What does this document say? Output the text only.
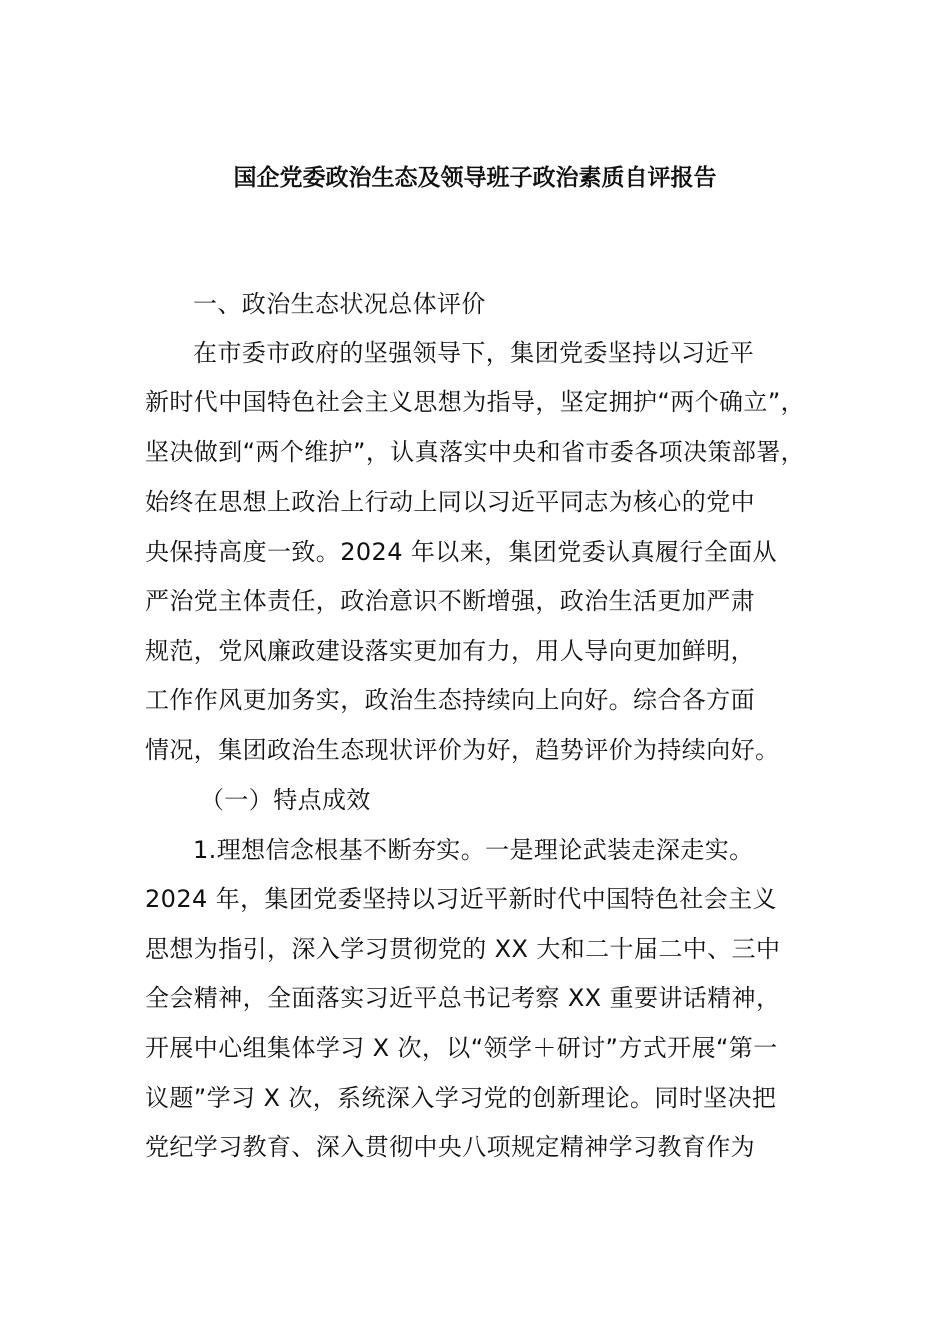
国企党委政治生态及领导班子政治素质自评报告
一、政治生态状况总体评价
在市委市政府的坚强领导下，集团党委坚持以习近平
新时代中国特色社会主义思想为指导，坚定拥护“两个确立”，
坚决做到“两个维护”，认真落实中央和省市委各项决策部署，
始终在思想上政治上行动上同以习近平同志为核心的党中
央保持高度一致。2024 年以来，集团党委认真履行全面从
严治党主体责任，政治意识不断增强，政治生活更加严肃
规范，党风廉政建设落实更加有力，用人导向更加鲜明，
工作作风更加务实，政治生态持续向上向好。综合各方面
情况，集团政治生态现状评价为好，趋势评价为持续向好。
（一）特点成效
1.理想信念根基不断夯实。一是理论武装走深走实。
2024 年，集团党委坚持以习近平新时代中国特色社会主义
思想为指引，深入学习贯彻党的 XX 大和二十届二中、三中
全会精神，全面落实习近平总书记考察 XX 重要讲话精神，
开展中心组集体学习 X 次，以“领学＋研讨”方式开展“第一
议题”学习 X 次，系统深入学习党的创新理论。同时坚决把
党纪学习教育、深入贯彻中央八项规定精神学习教育作为
